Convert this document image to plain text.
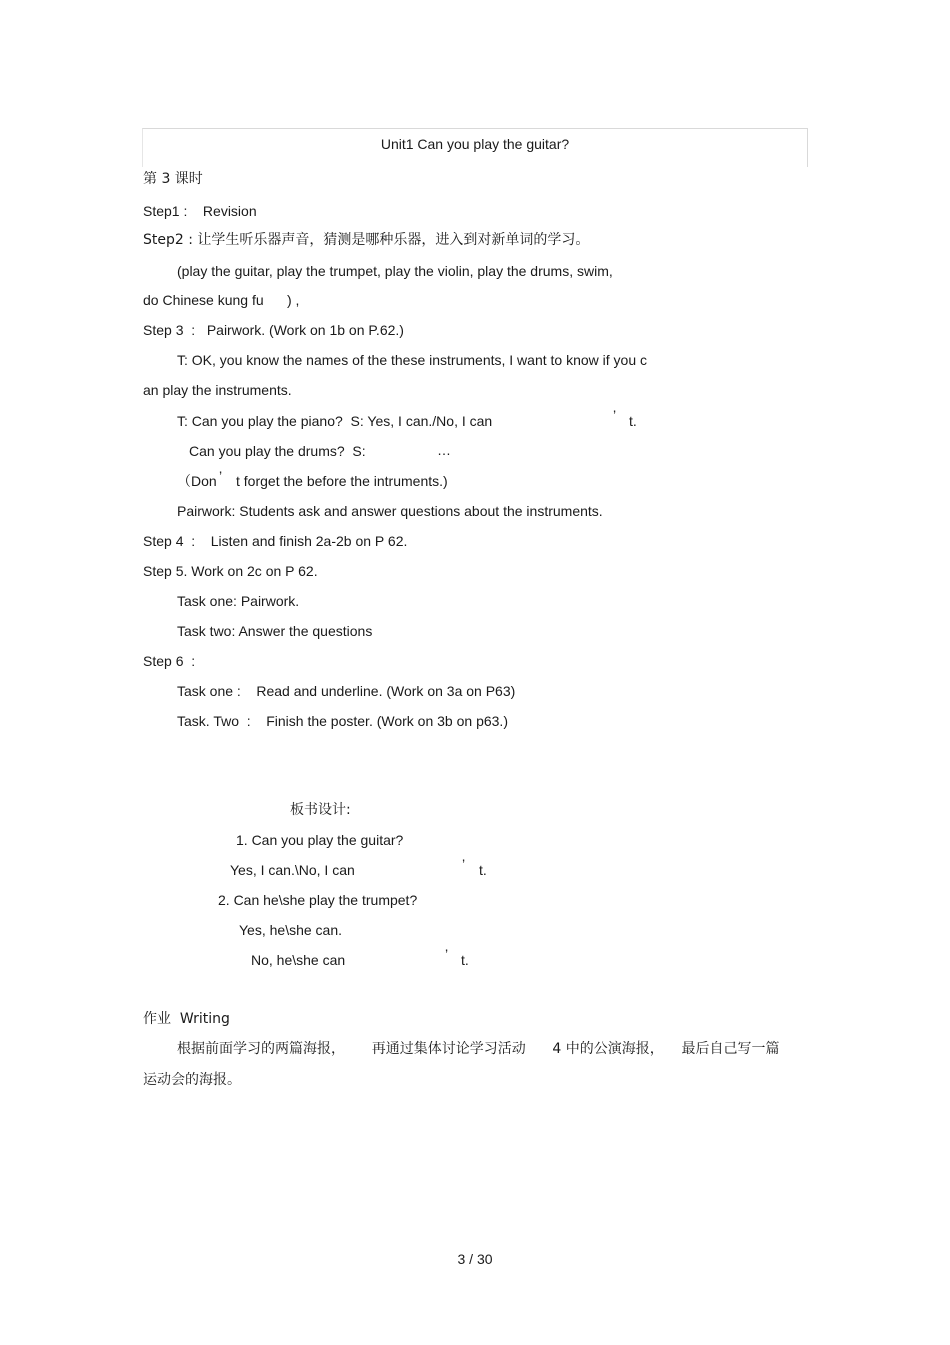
Unit1 Can you play the guitar?
第 3 课时
Step1 :    Revision
Step2 : 让学生听乐器声音，猜测是哪种乐器，进入到对新单词的学习。
(play the guitar, play the trumpet, play the violin, play the drums, swim,
do Chinese kung fu      ) ,
Step 3  :   Pairwork. (Work on 1b on P.62.)
T: OK, you know the names of the these instruments, I want to know if you c
an play the instruments.
T: Can you play the piano?  S: Yes, I can./No, I can	’ t.
Can you play the drums?  S:	…
（Don ’ t forget the before the intruments.)
Pairwork: Students ask and answer questions about the instruments.
Step 4  :    Listen and finish 2a-2b on P 62.
Step 5. Work on 2c on P 62.
Task one: Pairwork.
Task two: Answer the questions
Step 6  :
Task one :    Read and underline. (Work on 3a on P63)
Task. Two  :    Finish the poster. (Work on 3b on p63.)
板书设计:
1. Can you play the guitar?
Yes, I can.\No, I can	’ t.
2. Can he\she play the trumpet?
Yes, he\she can.
No, he\she can	’ t.
作业  Writing
根据前面学习的两篇海报，      再通过集体讨论学习活动      4 中的公演海报，    最后自己写一篇
运动会的海报。
3 / 30
